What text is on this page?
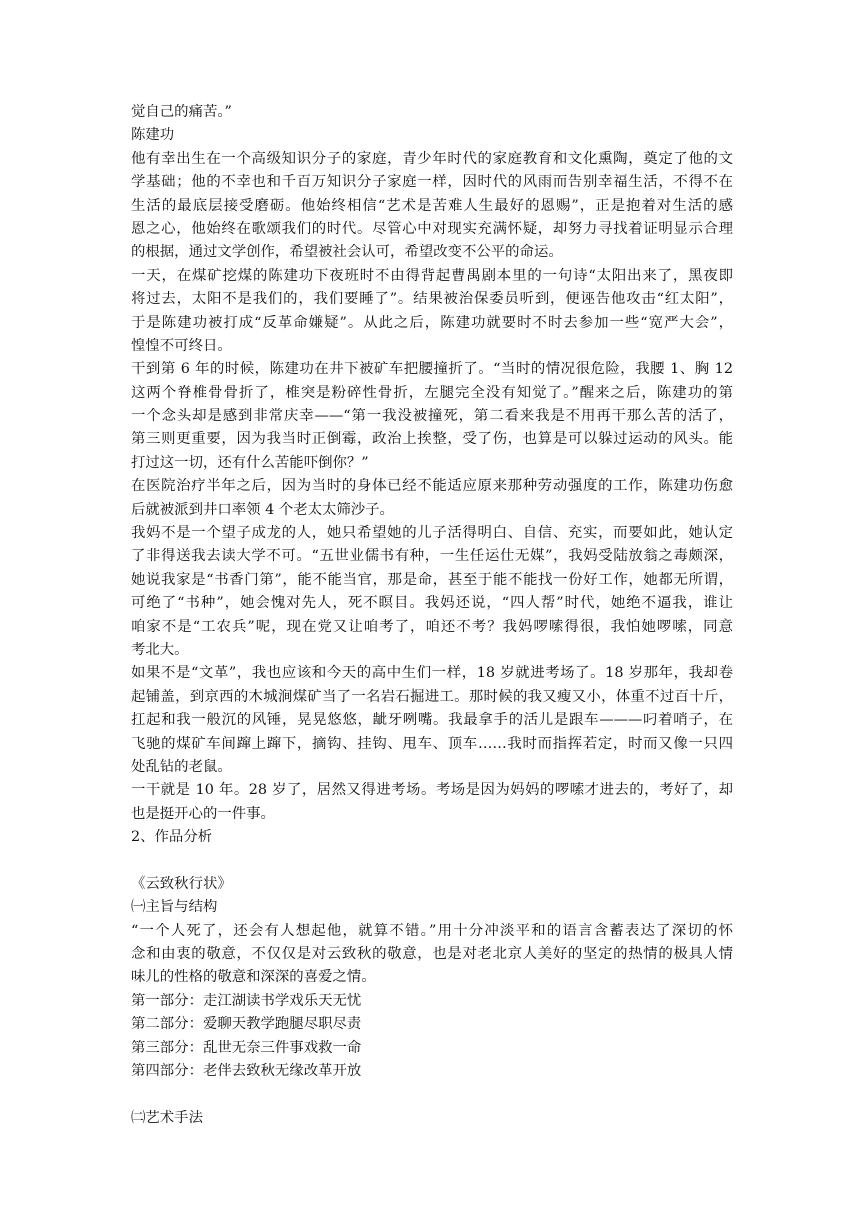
觉自己的痛苦。”
陈建功
他有幸出生在一个高级知识分子的家庭，青少年时代的家庭教育和文化熏陶，奠定了他的文
学基础；他的不幸也和千百万知识分子家庭一样，因时代的风雨而告别幸福生活，不得不在
生活的最底层接受磨砺。他始终相信“艺术是苦难人生最好的恩赐”，正是抱着对生活的感
恩之心，他始终在歌颂我们的时代。尽管心中对现实充满怀疑，却努力寻找着证明显示合理
的根据，通过文学创作，希望被社会认可，希望改变不公平的命运。
一天，在煤矿挖煤的陈建功下夜班时不由得背起曹禺剧本里的一句诗“太阳出来了，黑夜即
将过去，太阳不是我们的，我们要睡了”。结果被治保委员听到，便诬告他攻击“红太阳”，
于是陈建功被打成“反革命嫌疑”。从此之后，陈建功就要时不时去参加一些“宽严大会”，
惶惶不可终日。
干到第 6 年的时候，陈建功在井下被矿车把腰撞折了。“当时的情况很危险，我腰 1、胸 12
这两个脊椎骨骨折了，椎突是粉碎性骨折，左腿完全没有知觉了。”醒来之后，陈建功的第
一个念头却是感到非常庆幸——“第一我没被撞死，第二看来我是不用再干那么苦的活了，
第三则更重要，因为我当时正倒霉，政治上挨整，受了伤，也算是可以躲过运动的风头。能
打过这一切，还有什么苦能吓倒你？”
在医院治疗半年之后，因为当时的身体已经不能适应原来那种劳动强度的工作，陈建功伤愈
后就被派到井口率领 4 个老太太筛沙子。
我妈不是一个望子成龙的人，她只希望她的儿子活得明白、自信、充实，而要如此，她认定
了非得送我去读大学不可。“五世业儒书有种，一生任运仕无媒”，我妈受陆放翁之毒颇深，
她说我家是“书香门第”，能不能当官，那是命，甚至于能不能找一份好工作，她都无所谓，
可绝了“书种”，她会愧对先人，死不瞑目。我妈还说，“四人帮”时代，她绝不逼我，谁让
咱家不是“工农兵”呢，现在党又让咱考了，咱还不考？我妈啰嗦得很，我怕她啰嗦，同意
考北大。
如果不是“文革”，我也应该和今天的高中生们一样，18 岁就进考场了。18 岁那年，我却卷
起铺盖，到京西的木城涧煤矿当了一名岩石掘进工。那时候的我又瘦又小，体重不过百十斤，
扛起和我一般沉的风锤，晃晃悠悠，龇牙咧嘴。我最拿手的活儿是跟车———叼着哨子，在
飞驰的煤矿车间蹿上蹿下，摘钩、挂钩、甩车、顶车……我时而指挥若定，时而又像一只四
处乱钻的老鼠。
一干就是 10 年。28 岁了，居然又得进考场。考场是因为妈妈的啰嗦才进去的，考好了，却
也是挺开心的一件事。
2、作品分析
《云致秋行状》
㈠主旨与结构
“一个人死了，还会有人想起他，就算不错。”用十分冲淡平和的语言含蓄表达了深切的怀
念和由衷的敬意，不仅仅是对云致秋的敬意，也是对老北京人美好的坚定的热情的极具人情
味儿的性格的敬意和深深的喜爱之情。
第一部分：走江湖读书学戏乐天无忧
第二部分：爱聊天教学跑腿尽职尽责
第三部分：乱世无奈三件事戏救一命
第四部分：老伴去致秋无缘改革开放
㈡艺术手法
